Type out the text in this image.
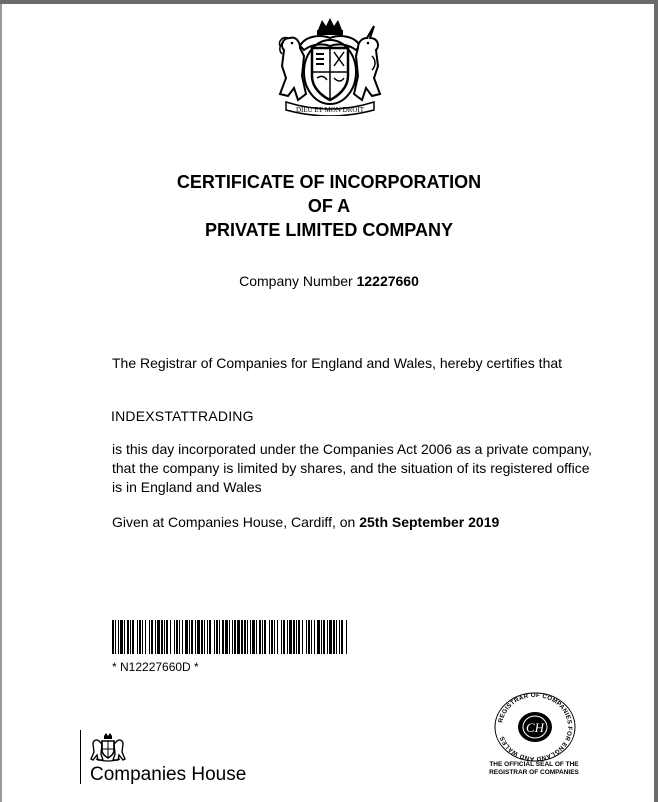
DIEU ET MON DROIT
CERTIFICATE OF INCORPORATION
OF A
PRIVATE LIMITED COMPANY
Company Number 12227660
The Registrar of Companies for England and Wales, hereby certifies that
INDEXSTATTRADING
is this day incorporated under the Companies Act 2006 as a private company, that the company is limited by shares, and the situation of its registered office is in England and Wales
Given at Companies House, Cardiff, on 25th September 2019
* N12227660D *
Companies House
REGISTRAR OF COMPANIES FOR ENGLAND AND WALES
CH
THE OFFICIAL SEAL OF THE
REGISTRAR OF COMPANIES
